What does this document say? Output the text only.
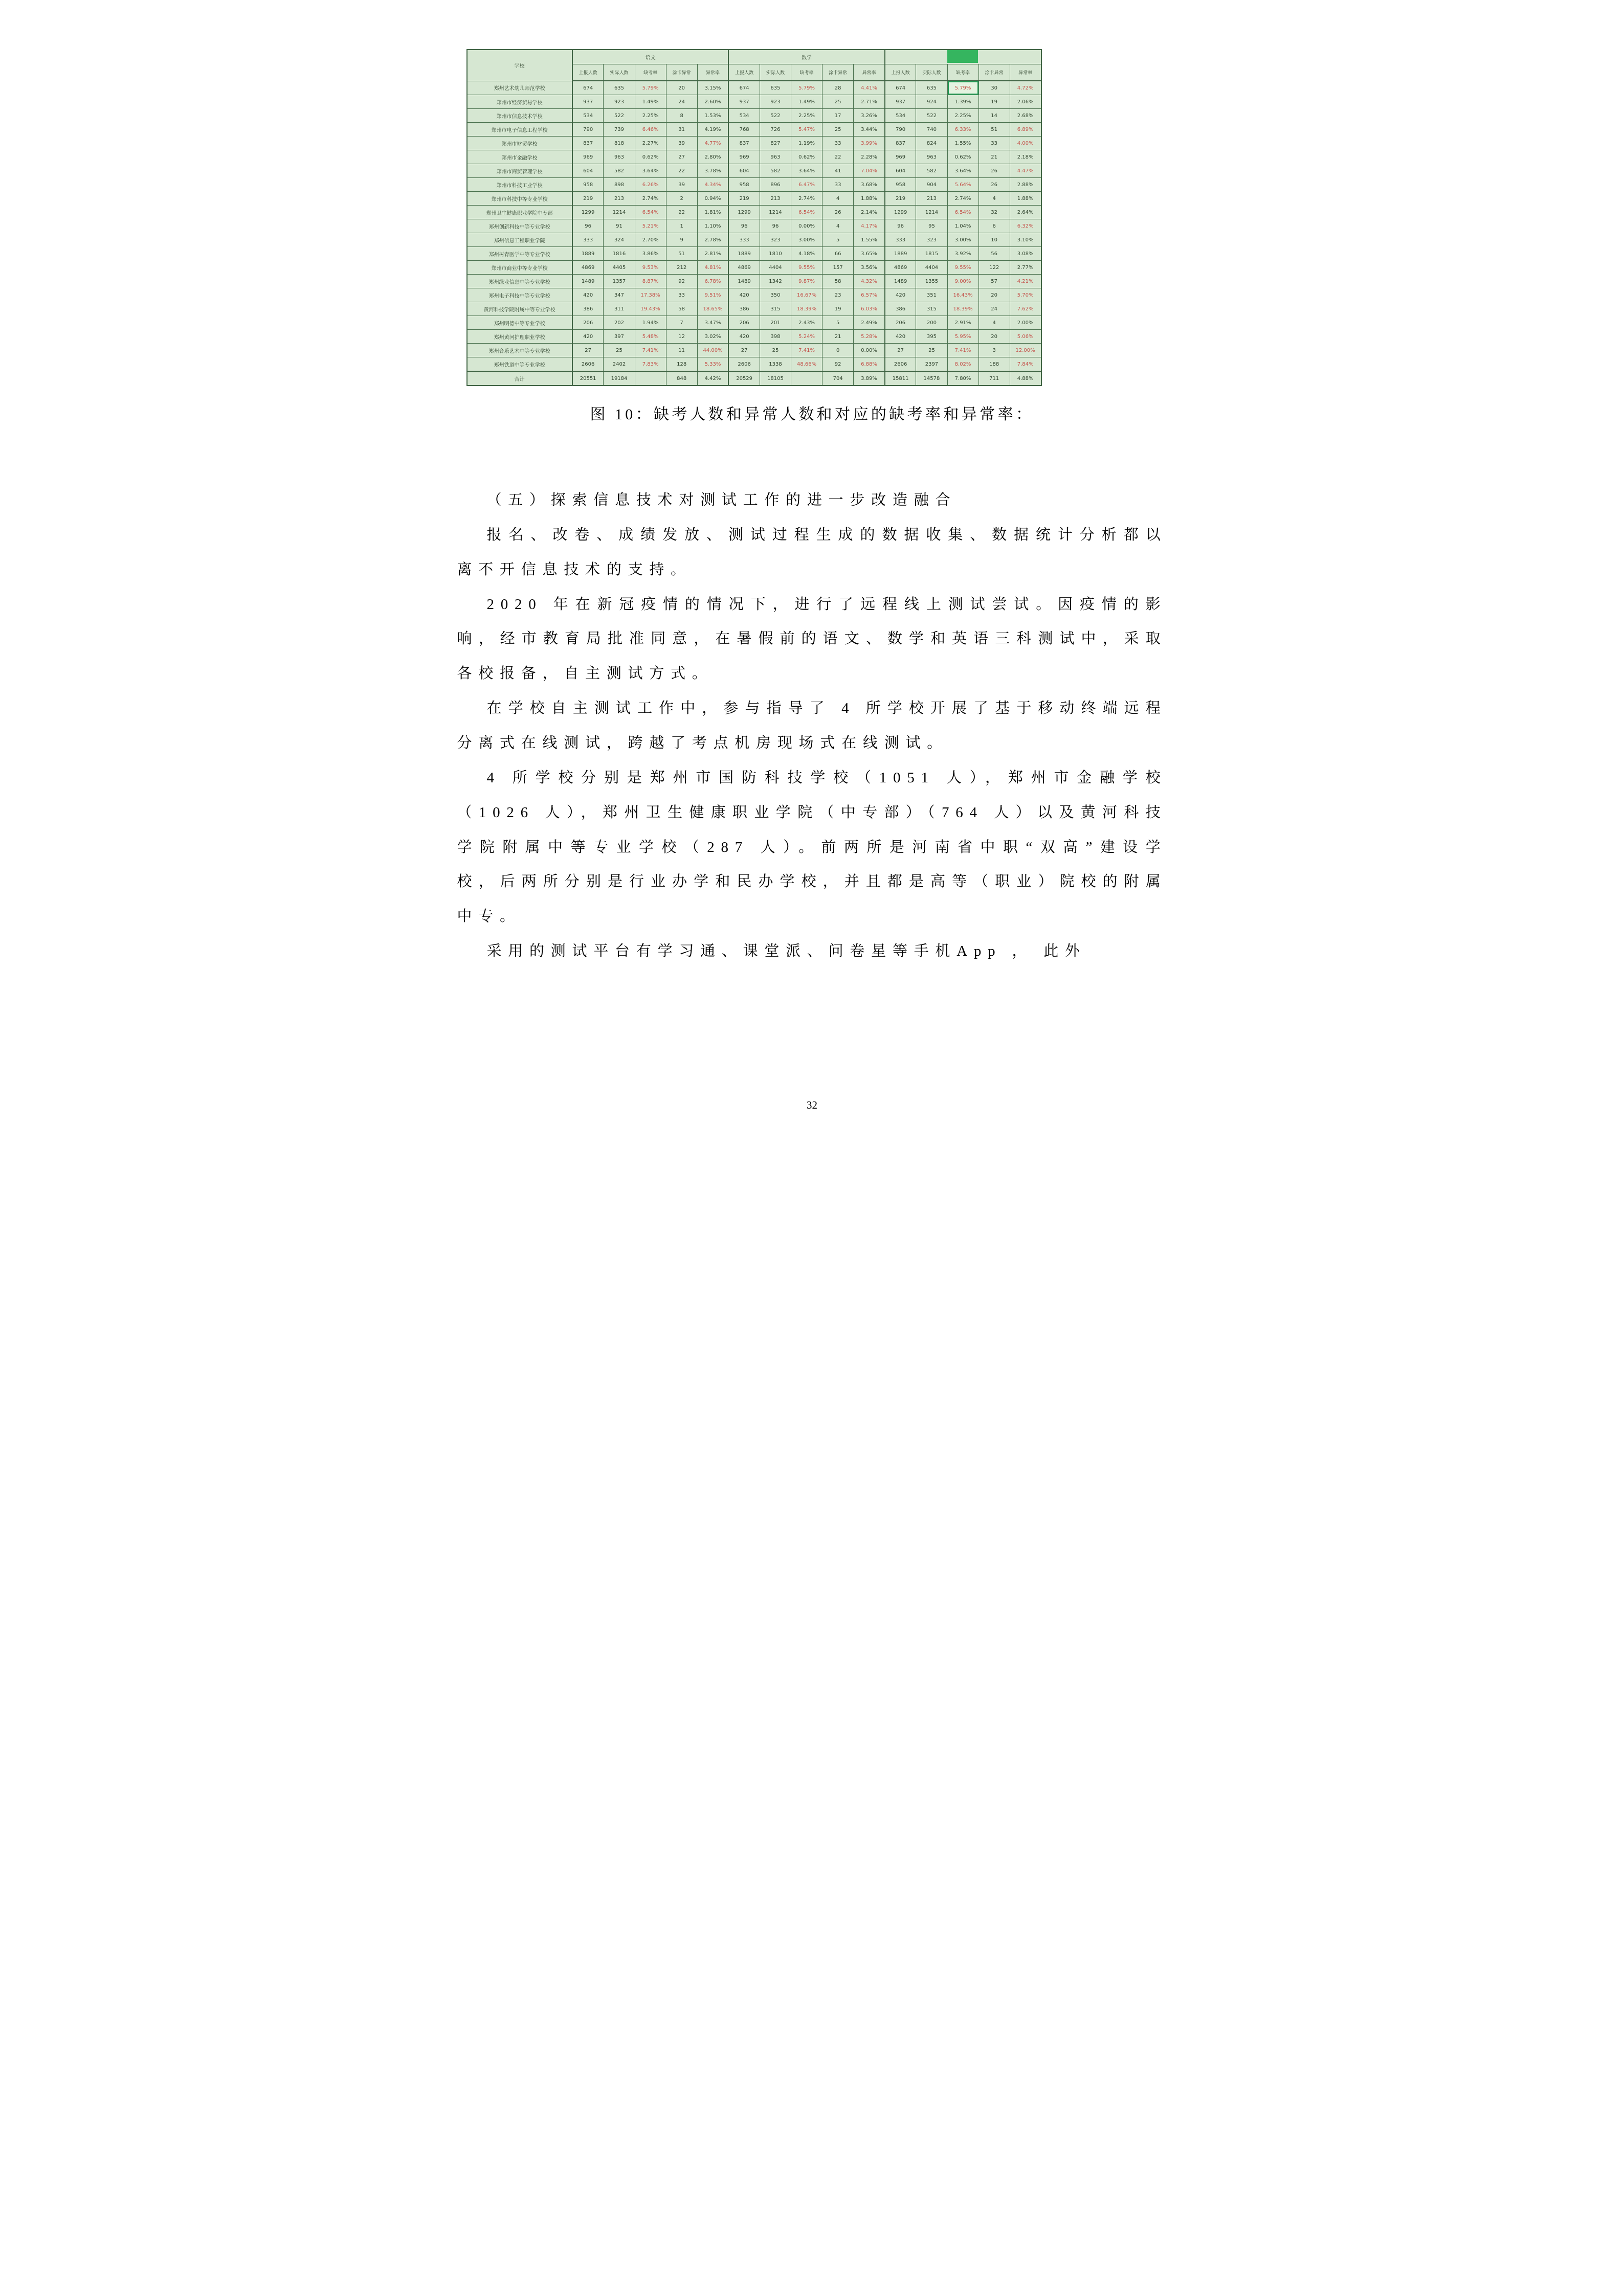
学校	语文					数学	
	上报人数	实际人数	缺考率	涂卡异常	异常率	上报人数	实际人数	缺考率	涂卡异常	异常率	上报人数	实际人数	缺考率	涂卡异常	异常率
郑州艺术幼儿师范学校	674	635	5.79%	20	3.15%	674	635	5.79%	28	4.41%	674	635	5.79%	30	4.72%
郑州市经济贸易学校	937	923	1.49%	24	2.60%	937	923	1.49%	25	2.71%	937	924	1.39%	19	2.06%
郑州市信息技术学校	534	522	2.25%	8	1.53%	534	522	2.25%	17	3.26%	534	522	2.25%	14	2.68%
郑州市电子信息工程学校	790	739	6.46%	31	4.19%	768	726	5.47%	25	3.44%	790	740	6.33%	51	6.89%
郑州市财贸学校	837	818	2.27%	39	4.77%	837	827	1.19%	33	3.99%	837	824	1.55%	33	4.00%
郑州市金融学校	969	963	0.62%	27	2.80%	969	963	0.62%	22	2.28%	969	963	0.62%	21	2.18%
郑州市商贸管理学校	604	582	3.64%	22	3.78%	604	582	3.64%	41	7.04%	604	582	3.64%	26	4.47%
郑州市科技工业学校	958	898	6.26%	39	4.34%	958	896	6.47%	33	3.68%	958	904	5.64%	26	2.88%
郑州市科技中等专业学校	219	213	2.74%	2	0.94%	219	213	2.74%	4	1.88%	219	213	2.74%	4	1.88%
郑州卫生健康职业学院中专部	1299	1214	6.54%	22	1.81%	1299	1214	6.54%	26	2.14%	1299	1214	6.54%	32	2.64%
郑州创新科技中等专业学校	96	91	5.21%	1	1.10%	96	96	0.00%	4	4.17%	96	95	1.04%	6	6.32%
郑州信息工程职业学院	333	324	2.70%	9	2.78%	333	323	3.00%	5	1.55%	333	323	3.00%	10	3.10%
郑州树青医学中等专业学校	1889	1816	3.86%	51	2.81%	1889	1810	4.18%	66	3.65%	1889	1815	3.92%	56	3.08%
郑州市商业中等专业学校	4869	4405	9.53%	212	4.81%	4869	4404	9.55%	157	3.56%	4869	4404	9.55%	122	2.77%
郑州绿业信息中等专业学校	1489	1357	8.87%	92	6.78%	1489	1342	9.87%	58	4.32%	1489	1355	9.00%	57	4.21%
郑州电子科技中等专业学校	420	347	17.38%	33	9.51%	420	350	16.67%	23	6.57%	420	351	16.43%	20	5.70%
黄河科技学院附属中等专业学校	386	311	19.43%	58	18.65%	386	315	18.39%	19	6.03%	386	315	18.39%	24	7.62%
郑州明德中等专业学校	206	202	1.94%	7	3.47%	206	201	2.43%	5	2.49%	206	200	2.91%	4	2.00%
郑州黄河护理职业学校	420	397	5.48%	12	3.02%	420	398	5.24%	21	5.28%	420	395	5.95%	20	5.06%
郑州音乐艺术中等专业学校	27	25	7.41%	11	44.00%	27	25	7.41%	0	0.00%	27	25	7.41%	3	12.00%
郑州铁道中等专业学校	2606	2402	7.83%	128	5.33%	2606	1338	48.66%	92	6.88%	2606	2397	8.02%	188	7.84%
合计	20551	19184		848	4.42%	20529	18105		704	3.89%	15811	14578	7.80%	711	4.88%

图 10：缺考人数和异常人数和对应的缺考率和异常率：

（五）探索信息技术对测试工作的进一步改造融合

报名、改卷、成绩发放、测试过程生成的数据收集、数据统计分析都以离不开信息技术的支持。

2020 年在新冠疫情的情况下，进行了远程线上测试尝试。因疫情的影响，经市教育局批准同意，在暑假前的语文、数学和英语三科测试中，采取各校报备，自主测试方式。

在学校自主测试工作中，参与指导了 4 所学校开展了基于移动终端远程分离式在线测试，跨越了考点机房现场式在线测试。

4 所学校分别是郑州市国防科技学校（1051 人），郑州市金融学校（1026 人），郑州卫生健康职业学院（中专部）（764 人）以及黄河科技学院附属中等专业学校（287 人）。前两所是河南省中职“双高”建设学校，后两所分别是行业办学和民办学校，并且都是高等（职业）院校的附属中专。

采用的测试平台有学习通、课堂派、问卷星等手机App ， 此外

32
